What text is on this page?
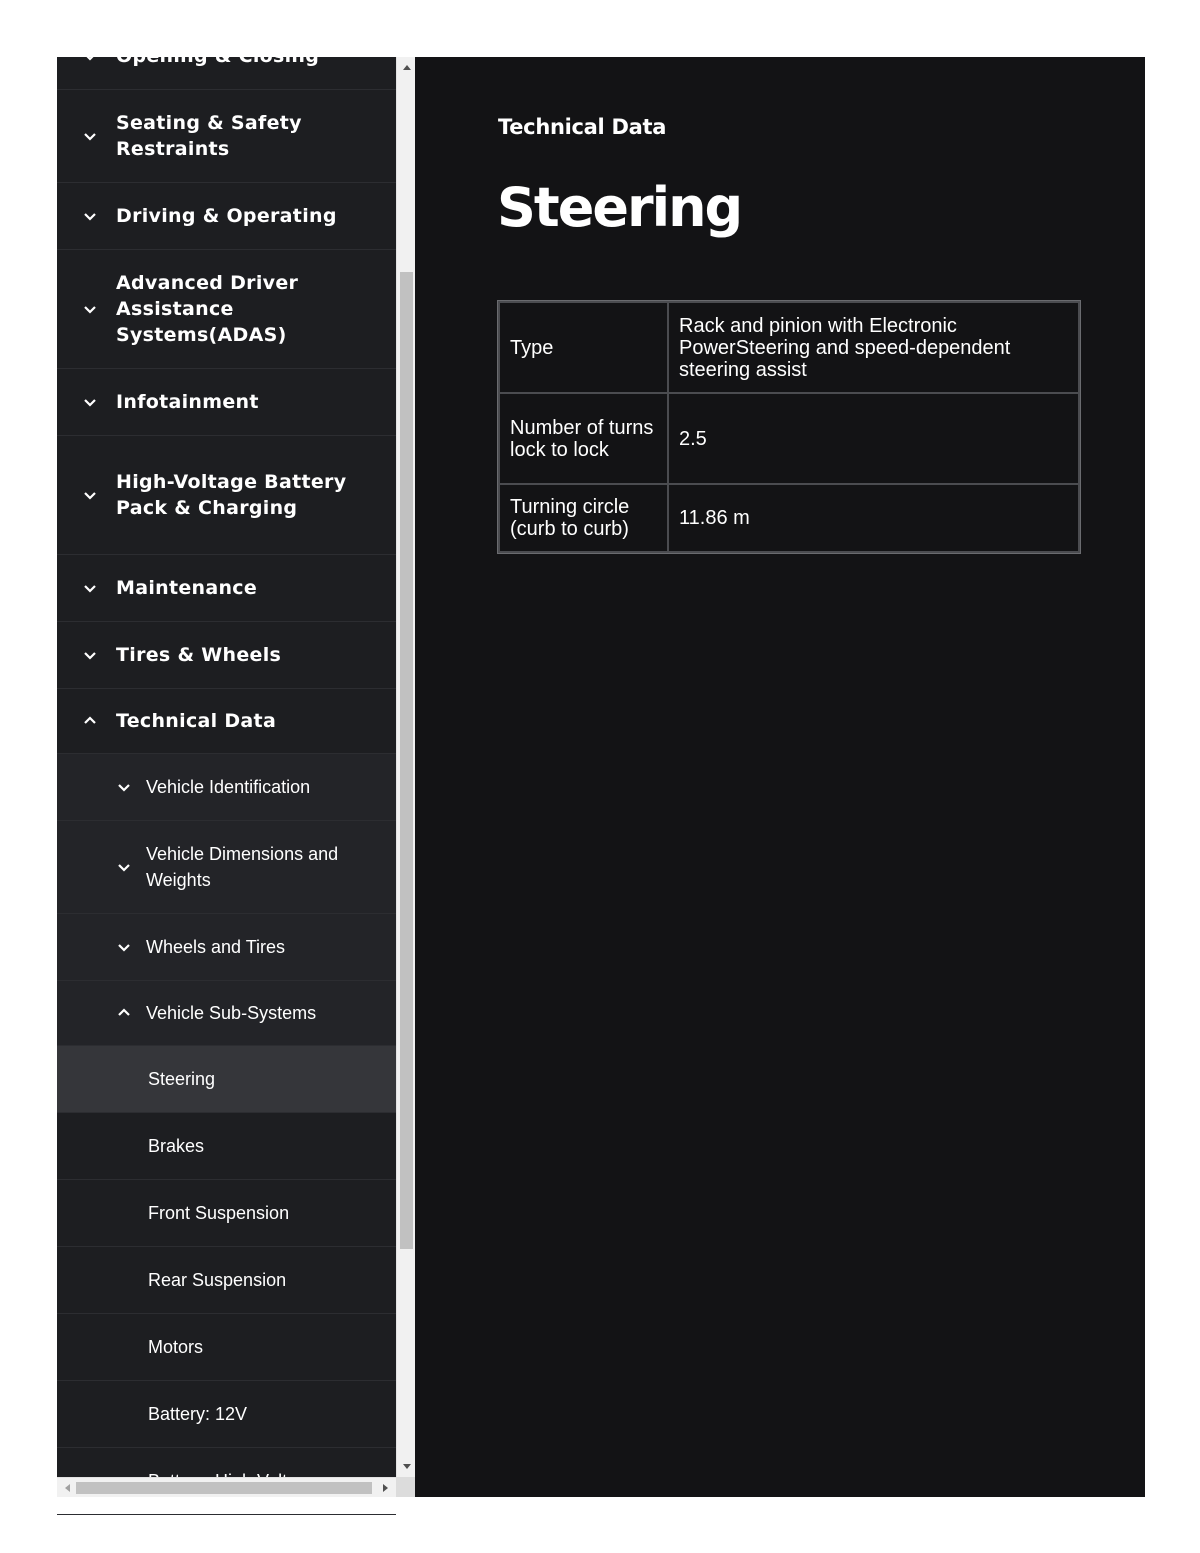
Opening & Closing
Seating & Safety Restraints
Driving & Operating
Advanced Driver Assistance Systems(ADAS)
Infotainment
High-Voltage Battery Pack & Charging
Maintenance
Tires & Wheels
Technical Data
Vehicle Identification
Vehicle Dimensions and Weights
Wheels and Tires
Vehicle Sub-Systems
Steering
Brakes
Front Suspension
Rear Suspension
Motors
Battery: 12V
Technical Data
Steering
Type	Rack and pinion with Electronic PowerSteering and speed-dependent steering assist
Number of turns lock to lock	2.5
Turning circle (curb to curb)	11.86 m
